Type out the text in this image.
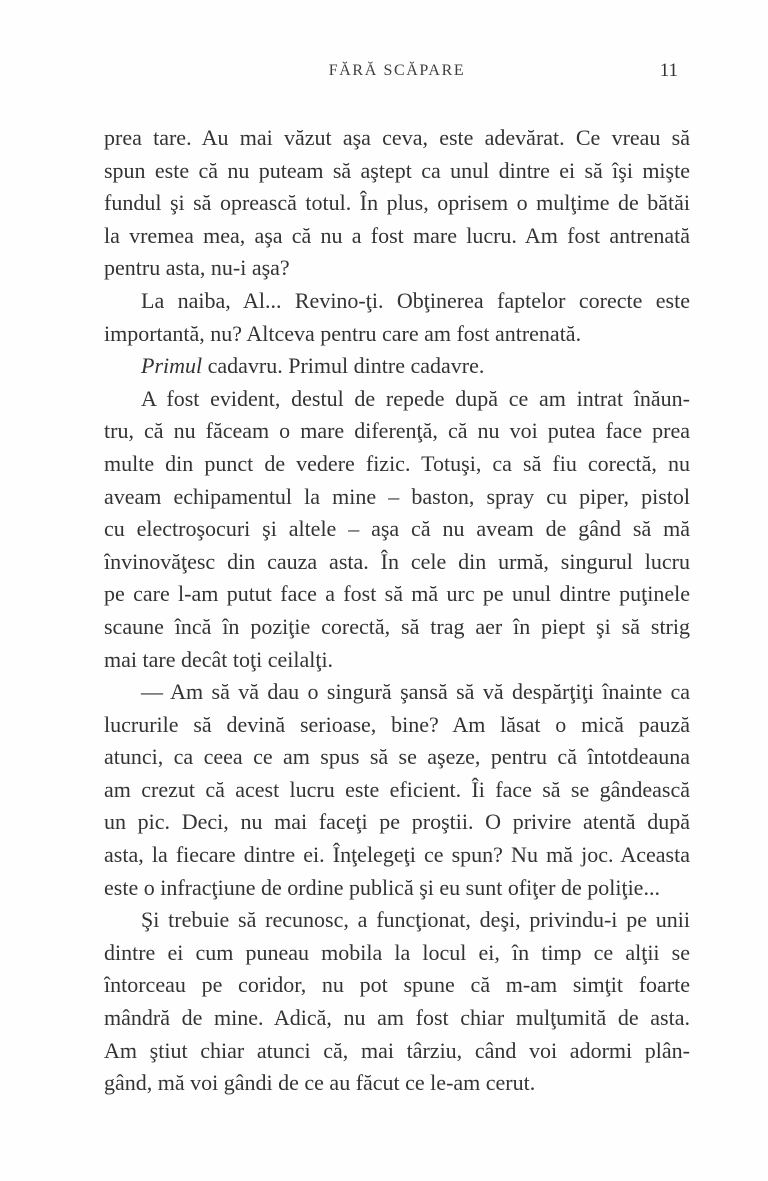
FĂRĂ SCĂPARE	11
prea tare. Au mai văzut aşa ceva, este adevărat. Ce vreau să
spun este că nu puteam să aştept ca unul dintre ei să îşi mişte
fundul şi să oprească totul. În plus, oprisem o mulţime de bătăi
la vremea mea, aşa că nu a fost mare lucru. Am fost antrenată
pentru asta, nu-i aşa?
La naiba, Al... Revino-ţi. Obţinerea faptelor corecte este
importantă, nu? Altceva pentru care am fost antrenată.
Primul cadavru. Primul dintre cadavre.
A fost evident, destul de repede după ce am intrat înăun-
tru, că nu făceam o mare diferenţă, că nu voi putea face prea
multe din punct de vedere fizic. Totuşi, ca să fiu corectă, nu
aveam echipamentul la mine – baston, spray cu piper, pistol
cu electroşocuri şi altele – aşa că nu aveam de gând să mă
învinovăţesc din cauza asta. În cele din urmă, singurul lucru
pe care l-am putut face a fost să mă urc pe unul dintre puţinele
scaune încă în poziţie corectă, să trag aer în piept şi să strig
mai tare decât toţi ceilalţi.
— Am să vă dau o singură şansă să vă despărţiţi înainte ca
lucrurile să devină serioase, bine? Am lăsat o mică pauză
atunci, ca ceea ce am spus să se aşeze, pentru că întotdeauna
am crezut că acest lucru este eficient. Îi face să se gândească
un pic. Deci, nu mai faceţi pe proştii. O privire atentă după
asta, la fiecare dintre ei. Înţelegeţi ce spun? Nu mă joc. Aceasta
este o infracţiune de ordine publică şi eu sunt ofiţer de poliţie...
Şi trebuie să recunosc, a funcţionat, deşi, privindu-i pe unii
dintre ei cum puneau mobila la locul ei, în timp ce alţii se
întorceau pe coridor, nu pot spune că m-am simţit foarte
mândră de mine. Adică, nu am fost chiar mulţumită de asta.
Am ştiut chiar atunci că, mai târziu, când voi adormi plân-
gând, mă voi gândi de ce au făcut ce le-am cerut.
